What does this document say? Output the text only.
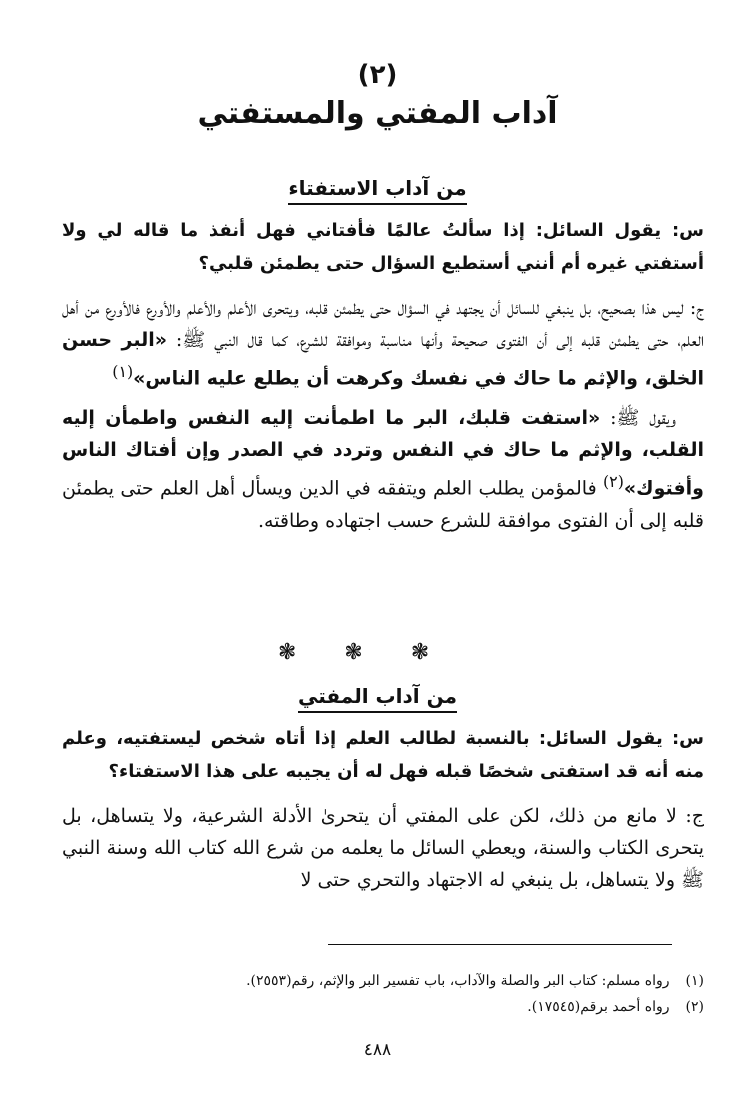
(٢)
آداب المفتي والمستفتي
من آداب الاستفتاء

س: يقول السائل: إذا سألتُ عالمًا فأفتاني فهل أنفذ ما قاله لي ولا أستفتي غيره أم أنني أستطيع السؤال حتى يطمئن قلبي؟

ج: ليس هذا بصحيح، بل ينبغي للسائل أن يجتهد في السؤال حتى يطمئن قلبه، ويتحرى الأعلم والأعلم والأورع فالأورع من أهل العلم، حتى يطمئن قلبه إلى أن الفتوى صحيحة وأنها مناسبة وموافقة للشرع، كما قال النبي ﷺ: «البر حسن الخلق، والإثم ما حاك في نفسك وكرهت أن يطلع عليه الناس»$^{(١)}$

ويقول ﷺ: «استفت قلبك، البر ما اطمأنت إليه النفس واطمأن إليه القلب، والإثم ما حاك في النفس وتردد في الصدر وإن أفتاك الناس وأفتوك»$^{(٢)}$ فالمؤمن يطلب العلم ويتفقه في الدين ويسأل أهل العلم حتى يطمئن قلبه إلى أن الفتوى موافقة للشرع حسب اجتهاده وطاقته.

❃❃❃
من آداب المفتي

س: يقول السائل: بالنسبة لطالب العلم إذا أتاه شخص ليستفتيه، وعلم منه أنه قد استفتى شخصًا قبله فهل له أن يجيبه على هذا الاستفتاء؟

ج: لا مانع من ذلك، لكن على المفتي أن يتحرىٰ الأدلة الشرعية، ولا يتساهل، بل يتحرى الكتاب والسنة، ويعطي السائل ما يعلمه من شرع الله كتاب الله وسنة النبي ﷺ ولا يتساهل، بل ينبغي له الاجتهاد والتحري حتى لا

(١)
رواه مسلم: كتاب البر والصلة والآداب، باب تفسير البر والإثم، رقم(٢٥٥٣).
(٢)
رواه أحمد برقم(١٧٥٤٥).
٤٨٨
